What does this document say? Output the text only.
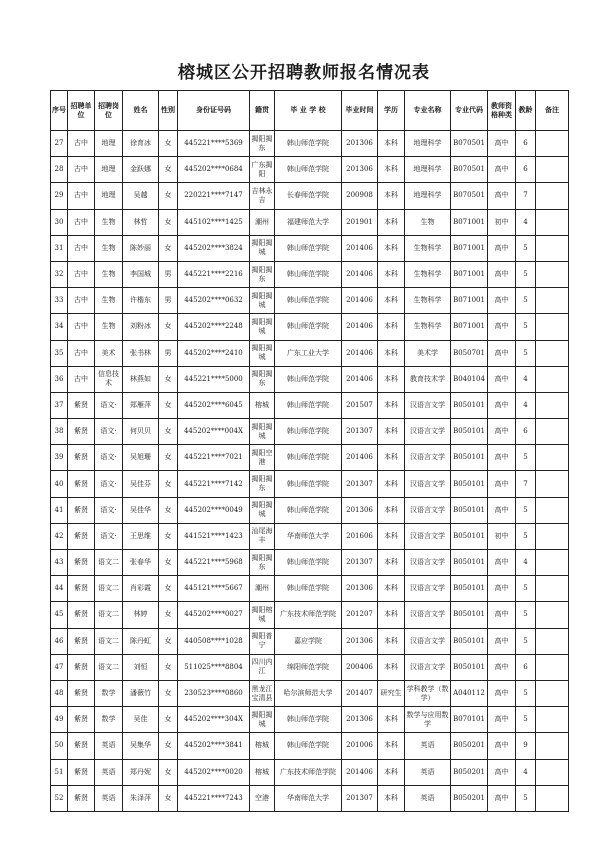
榕城区公开招聘教师报名情况表
序号	招聘单位	招聘岗位	姓名	性别	身份证号码	籍贯	毕 业 学 校	毕业时间	学历	专业名称	专业代码	教师资格种类	教龄	备注
27	古中	地理	徐育冰	女	445221****5369	揭阳揭东	韩山师范学院	201306	本科	地理科学	B070501	高中	6	
28	古中	地理	金跃娜	女	445202****0684	广东揭阳	韩山师范学院	201306	本科	地理科学	B070501	高中	6	
29	古中	地理	吴越	女	220221****7147	吉林永吉	长春师范学院	200908	本科	地理科学	B070501	高中	7	
30	古中	生物	林哲	女	445102****1425	潮州	福建师范大学	201901	本科	生物	B071001	初中	4	
31	古中	生物	陈妙丽	女	445202****3824	揭阳揭城	韩山师范学院	201406	本科	生物科学	B071001	高中	5	
32	古中	生物	李国城	男	445221****2216	揭阳揭东	韩山师范学院	201406	本科	生物科学	B071001	高中	5	
33	古中	生物	许楷东	男	445202****0632	揭阳揭城	韩山师范学院	201406	本科	生物科学	B071001	高中	5	
34	古中	生物	刘粉冰	女	445202****2248	揭阳揭城	韩山师范学院	201406	本科	生物科学	B071001	高中	5	
35	古中	美术	张书林	男	445202****2410	揭阳揭城	广东工业大学	201406	本科	美术学	B050701	高中	5	
36	古中	信息技术	林燕如	女	445221****5000	揭阳揭东	韩山师范学院	201406	本科	教育技术学	B040104	高中	4	
37	紫贤	语文·	郑雁萍	女	445202****6045	榕城	韩山师范学院	201507	本科	汉语言文学	B050101	高中	4	
38	紫贤	语文·	何贝贝	女	445202****004X	揭阳揭城	韩山师范学院	201307	本科	汉语言文学	B050101	高中	6	
39	紫贤	语文·	吴旭珊	女	445221****7021	揭阳空港	韩山师范学院	201406	本科	汉语言文学	B050101	高中	5	
40	紫贤	语文·	吴佳芬	女	445221****7142	揭阳揭东	韩山师范学院	201307	本科	汉语言文学	B050101	高中	7	
41	紫贤	语文·	吴佳华	女	445202****0049	揭阳揭城	韩山师范学院	201306	本科	汉语言文学	B050101	高中	5	
42	紫贤	语文·	王思维	女	441521****1423	汕尾海丰	华南师范大学	201606	本科	汉语言文学	B050101	初中	5	
43	紫贤	语文二	张春华	女	445221****5968	揭阳揭东	韩山师范学院	201307	本科	汉语言文学	B050101	高中	4	
44	紫贤	语文二	肖彩霞	女	445121****5667	潮州	韩山师范学院	201306	本科	汉语言文学	B050101	高中	5	
45	紫贤	语文二	林婷	女	445202****0027	揭阳榕城	广东技术师范学院	201207	本科	汉语言文学	B050101	高中	5	
46	紫贤	语文二	陈丹虹	女	440508****1028	揭阳普宁	嘉应学院	201306	本科	汉语言文学	B050101	高中	5	
47	紫贤	语文二	刘恒	女	511025****8804	四川内江	绵阳师范学院	200406	本科	汉语言文学	B050101	高中	6	
48	紫贤	数学	潘薇竹	女	230523****0860	黑龙江宝清县	哈尔滨师范大学	201407	研究生	学科教学（数学）	A040112	高中	5	
49	紫贤	数学	吴佳	女	445202****304X	揭阳揭城	韩山师范学院	201306	本科	数学与应用数学	B070101	高中	5	
50	紫贤	英语	吴集华	女	445202****3841	榕城	韩山师范学院	201006	本科	英语	B050201	高中	9	
51	紫贤	英语	郑丹妮	女	445202****0020	榕城	广东技术师范学院	201406	本科	英语	B050201	高中	4	
52	紫贤	英语	朱泽萍	女	445221****7243	空港	华南师范大学	201307	本科	英语	B050201	高中	5	
